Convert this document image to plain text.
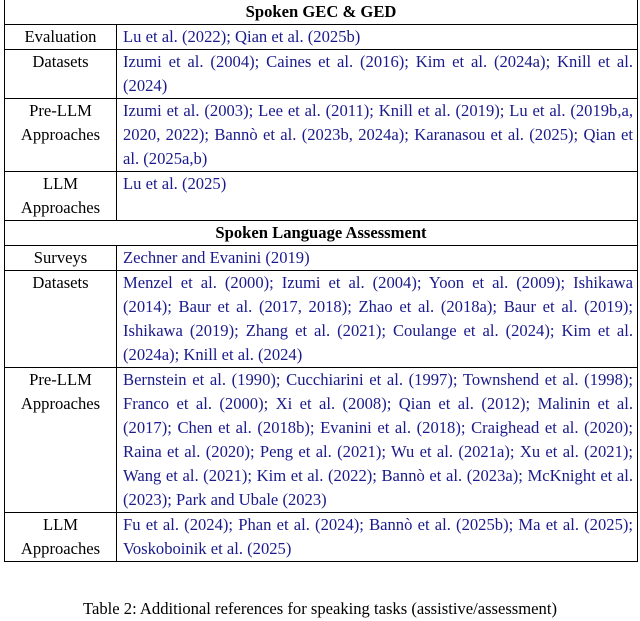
Spoken GEC & GED	
Evaluation	Lu et al. (2022); Qian et al. (2025b)
Datasets	Izumi et al. (2004); Caines et al. (2016); Kim et al. (2024a); Knill et al. (2024)
Pre-LLM Approaches	Izumi et al. (2003); Lee et al. (2011); Knill et al. (2019); Lu et al. (2019b,a, 2020, 2022); Bannò et al. (2023b, 2024a); Karanasou et al. (2025); Qian et al. (2025a,b)
LLM Approaches	Lu et al. (2025)
Spoken Language Assessment	
Surveys	Zechner and Evanini (2019)
Datasets	Menzel et al. (2000); Izumi et al. (2004); Yoon et al. (2009); Ishikawa (2014); Baur et al. (2017, 2018); Zhao et al. (2018a); Baur et al. (2019); Ishikawa (2019); Zhang et al. (2021); Coulange et al. (2024); Kim et al. (2024a); Knill et al. (2024)
Pre-LLM Approaches	Bernstein et al. (1990); Cucchiarini et al. (1997); Townshend et al. (1998); Franco et al. (2000); Xi et al. (2008); Qian et al. (2012); Malinin et al. (2017); Chen et al. (2018b); Evanini et al. (2018); Craighead et al. (2020); Raina et al. (2020); Peng et al. (2021); Wu et al. (2021a); Xu et al. (2021); Wang et al. (2021); Kim et al. (2022); Bannò et al. (2023a); McKnight et al. (2023); Park and Ubale (2023)
LLM Approaches	Fu et al. (2024); Phan et al. (2024); Bannò et al. (2025b); Ma et al. (2025); Voskoboinik et al. (2025)
Table 2: Additional references for speaking tasks (assistive/assessment)
